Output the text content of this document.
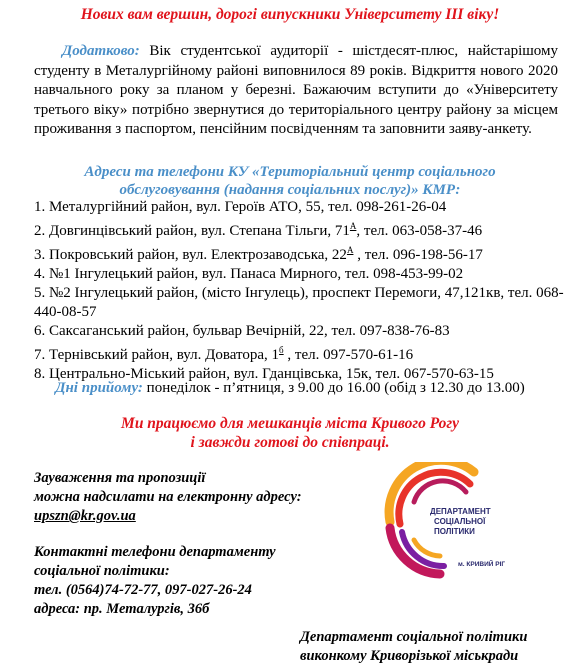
Нових вам вершин, дорогі випускники Університету ІІІ віку!
Додатково: Вік студентської аудиторії - шістдесят-плюс, найстарішому студенту в Металургійному районі виповнилося 89 років. Відкриття нового 2020 навчального року за планом у березні. Бажаючим вступити до «Університету третього віку» потрібно звернутися до територіального центру району за місцем проживання з паспортом, пенсійним посвідченням та заповнити заяву-анкету.
Адреси та телефони КУ «Територіальний центр соціального
обслуговування (надання соціальних послуг)» КМР:
1. Металургійний район, вул. Героїв АТО, 55, тел. 098-261-26-04
2. Довгинцівський район, вул. Степана Тільги, $71^А$, тел. 063-058-37-46
3. Покровський район, вул. Електрозаводська, $22^А$ , тел. 096-198-56-17
4. №1 Інгулецький район, вул. Панаса Мирного, тел. 098-453-99-02
5. №2 Інгулецький район, (місто Інгулець), проспект Перемоги, 47,121кв, тел. 068-440-08-57
6. Саксаганський район, бульвар Вечірній, 22, тел. 097-838-76-83
7. Тернівський район, вул. Доватора, $1^б$ , тел. 097-570-61-16
8. Центрально-Міський район, вул. Гданцівська, 15к, тел. 067-570-63-15
Дні прийому: понеділок - п’ятниця, з 9.00 до 16.00 (обід з 12.30 до 13.00)
Ми працюємо для мешканців міста Кривого Рогу
і завжди готові до співпраці.
Зауваження та пропозиції
можна надсилати на електронну адресу:
upszn@kr.gov.ua
Контактні телефони департаменту
соціальної політики:
тел. (0564)74-72-77, 097-027-26-24
адреса: пр. Металургів, 36б
Департамент соціальної політики
виконкому Криворізької міськради
ДЕПАРТАМЕНТ
СОЦІАЛЬНОЇ
ПОЛІТИКИ
м. КРИВИЙ РІГ
